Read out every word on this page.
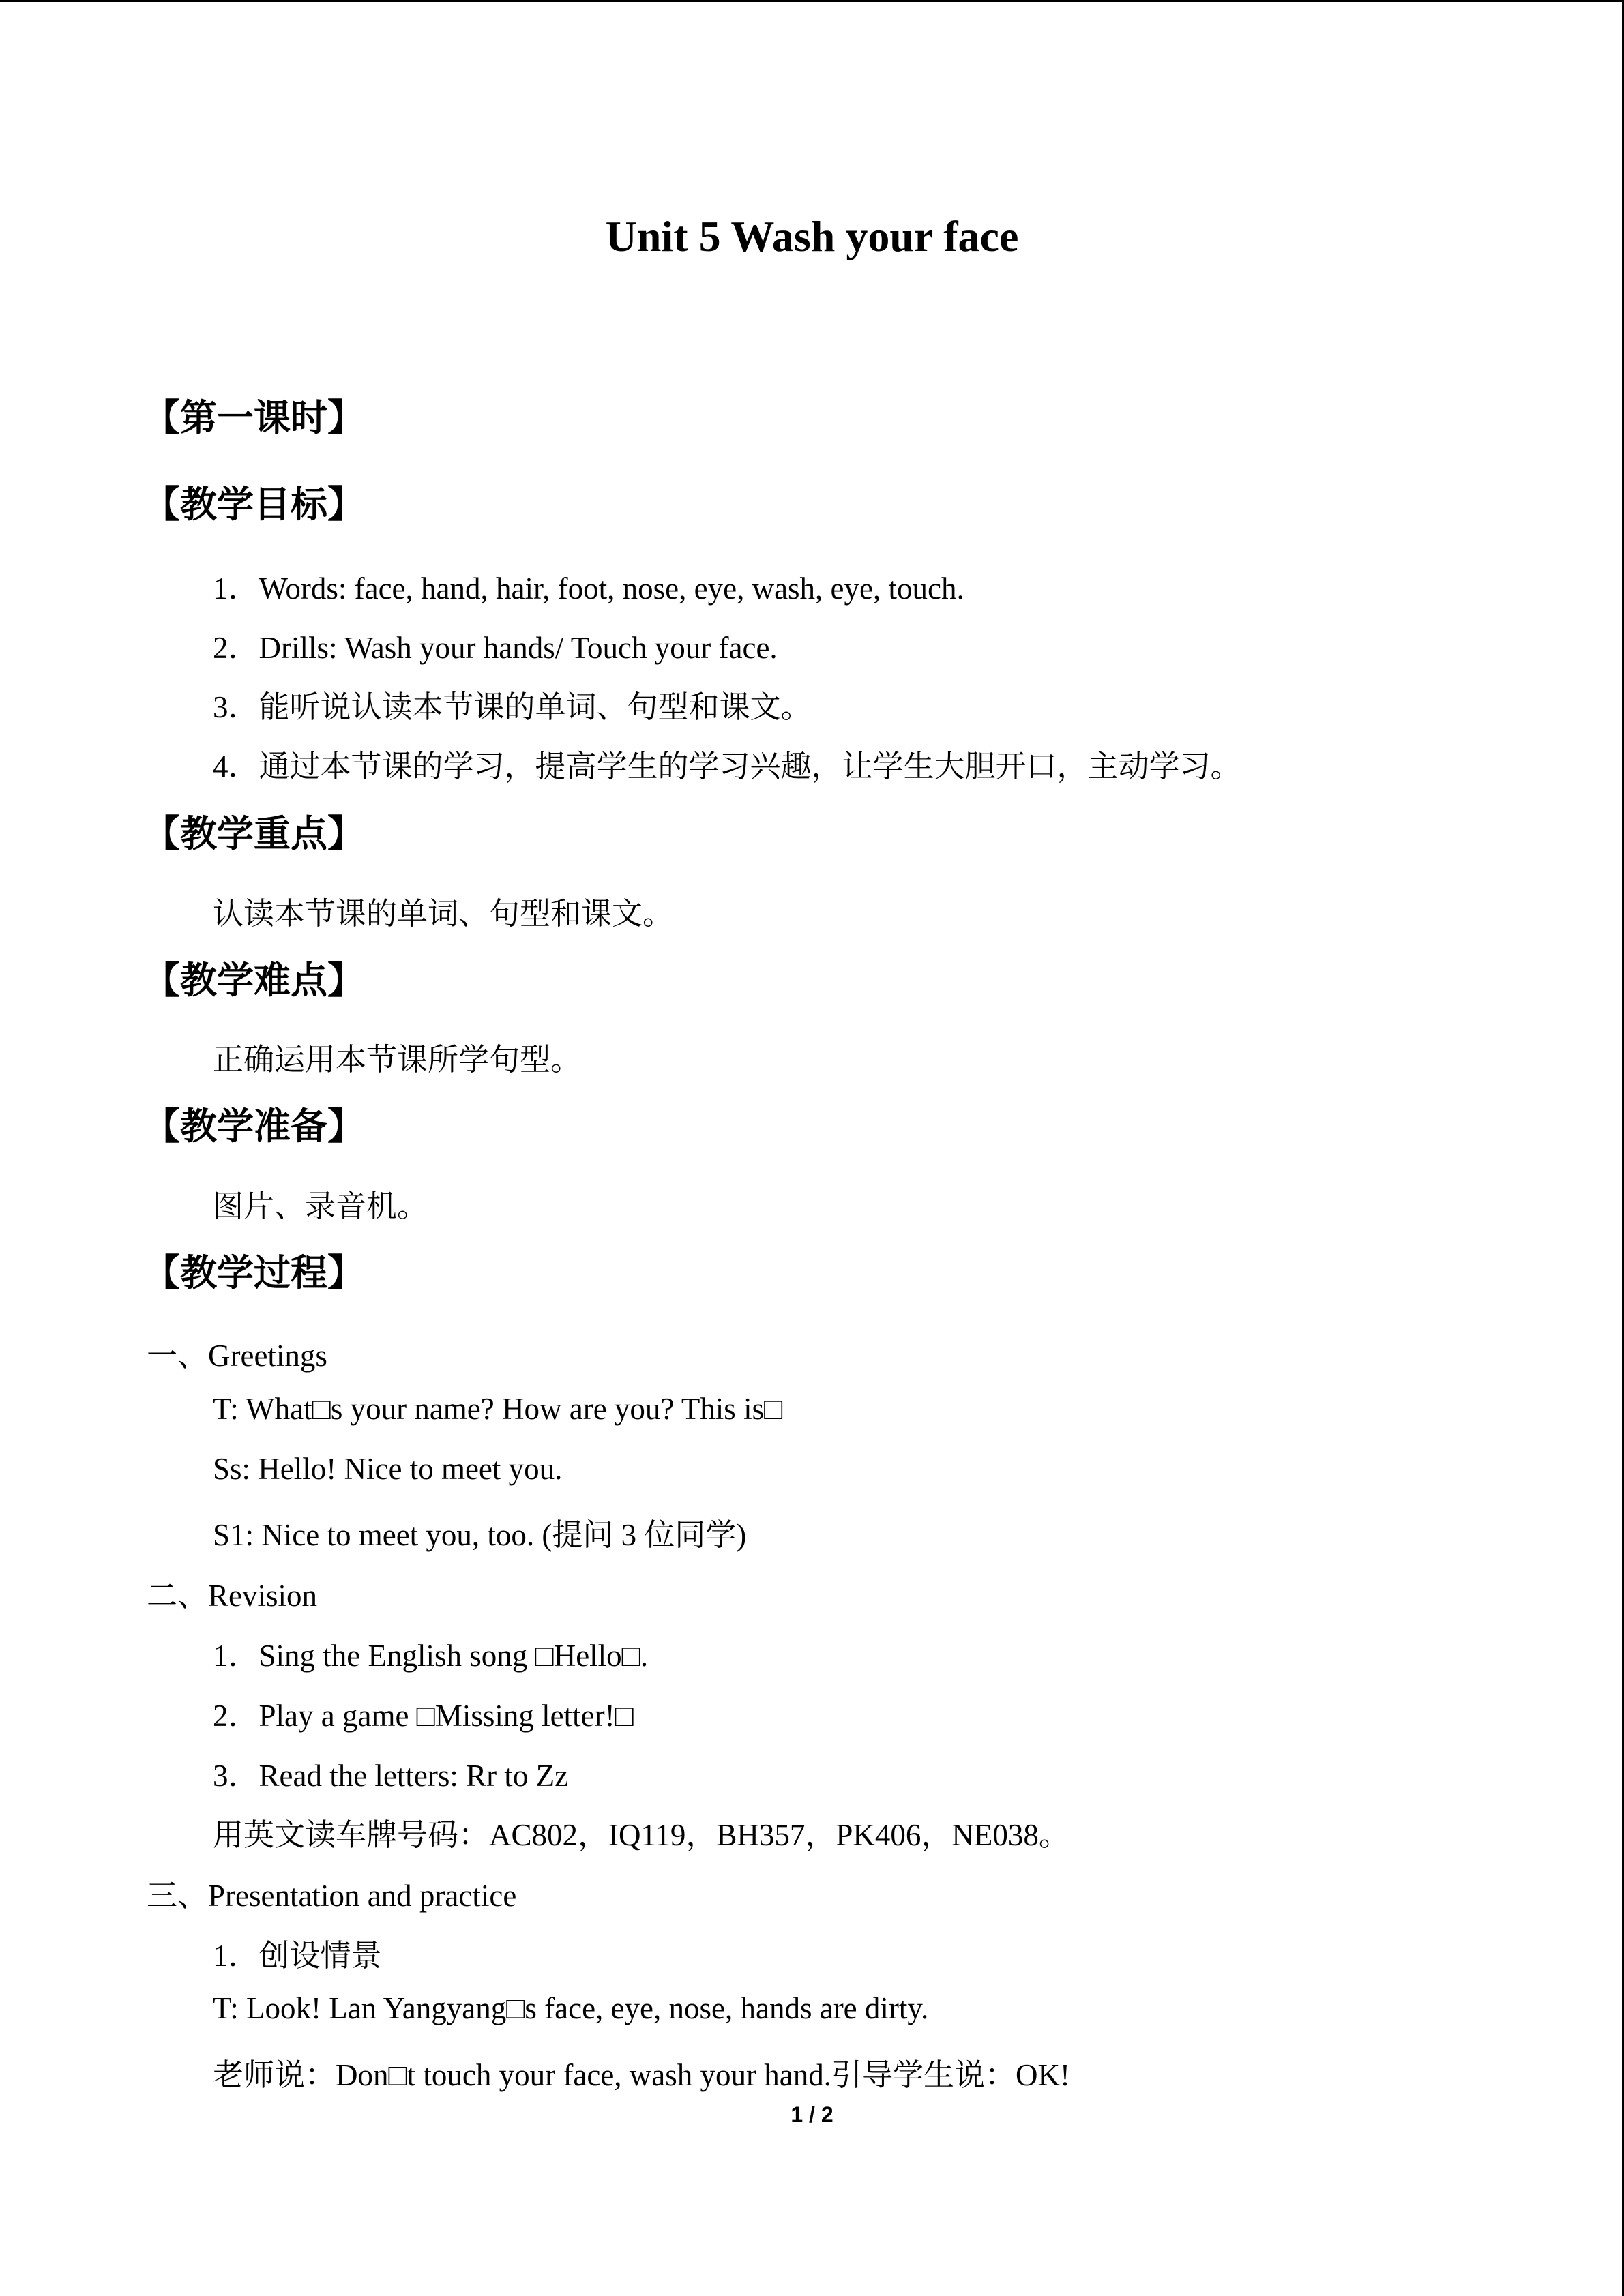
Unit 5 Wash your face
【第一课时】
【教学目标】
1．Words: face, hand, hair, foot, nose, eye, wash, eye, touch.
2．Drills: Wash your hands/ Touch your face.
3．能听说认读本节课的单词、句型和课文。
4．通过本节课的学习，提高学生的学习兴趣，让学生大胆开口，主动学习。
【教学重点】
认读本节课的单词、句型和课文。
【教学难点】
正确运用本节课所学句型。
【教学准备】
图片、录音机。
【教学过程】
一、Greetings
T: What□s your name? How are you? This is□
Ss: Hello! Nice to meet you.
S1: Nice to meet you, too. (提问 3 位同学)
二、Revision
1．Sing the English song □Hello□.
2．Play a game □Missing letter!□
3．Read the letters: Rr to Zz
用英文读车牌号码：AC802，IQ119，BH357，PK406，NE038。
三、Presentation and practice
1．创设情景
T: Look! Lan Yangyang□s face, eye, nose, hands are dirty.
老师说：Don□t touch your face, wash your hand.引导学生说：OK!
1 / 2
